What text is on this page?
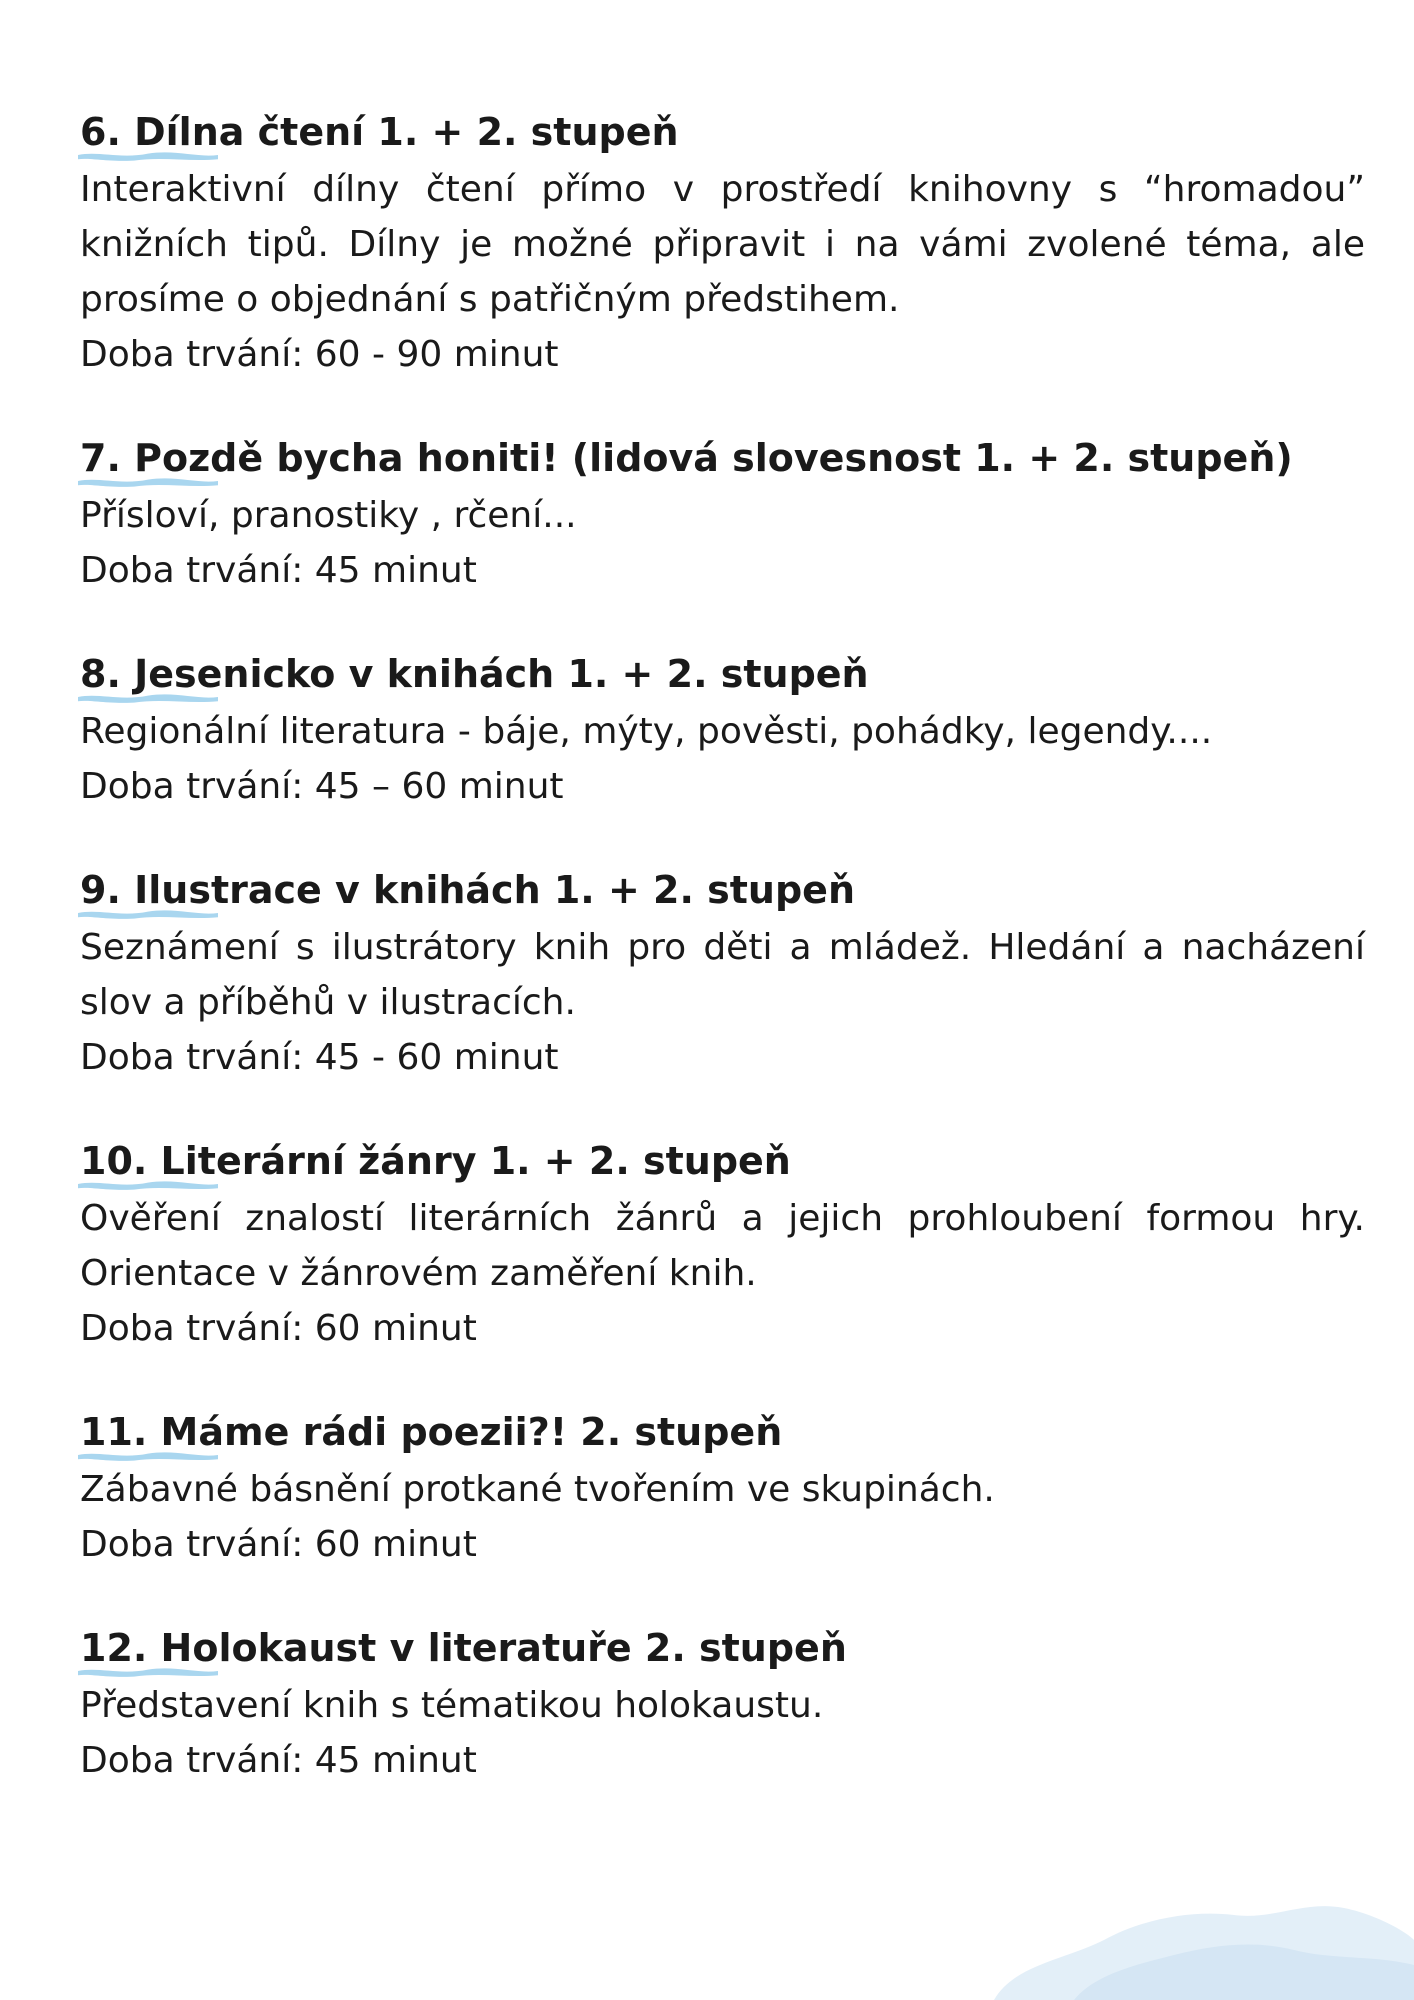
6. Dílna čtení 1. + 2. stupeň

Interaktivní dílny čtení přímo v prostředí knihovny s “hromadou” knižních tipů. Dílny je možné připravit i na vámi zvolené téma, ale prosíme o objednání s patřičným předstihem.

Doba trvání: 60 - 90 minut

7. Pozdě bycha honiti! (lidová slovesnost 1. + 2. stupeň)

Přísloví, pranostiky , rčení...

Doba trvání: 45 minut

8. Jesenicko v knihách 1. + 2. stupeň

Regionální literatura - báje, mýty, pověsti, pohádky, legendy....

Doba trvání: 45 – 60 minut

9. Ilustrace v knihách 1. + 2. stupeň

Seznámení s ilustrátory knih pro děti a mládež. Hledání a nacházení slov a příběhů v ilustracích.

Doba trvání: 45 - 60 minut

10. Literární žánry 1. + 2. stupeň

Ověření znalostí literárních žánrů a jejich prohloubení formou hry. Orientace v žánrovém zaměření knih.

Doba trvání: 60 minut

11. Máme rádi poezii?! 2. stupeň

Zábavné básnění protkané tvořením ve skupinách.

Doba trvání: 60 minut

12. Holokaust v literatuře 2. stupeň

Představení knih s tématikou holokaustu.

Doba trvání: 45 minut
